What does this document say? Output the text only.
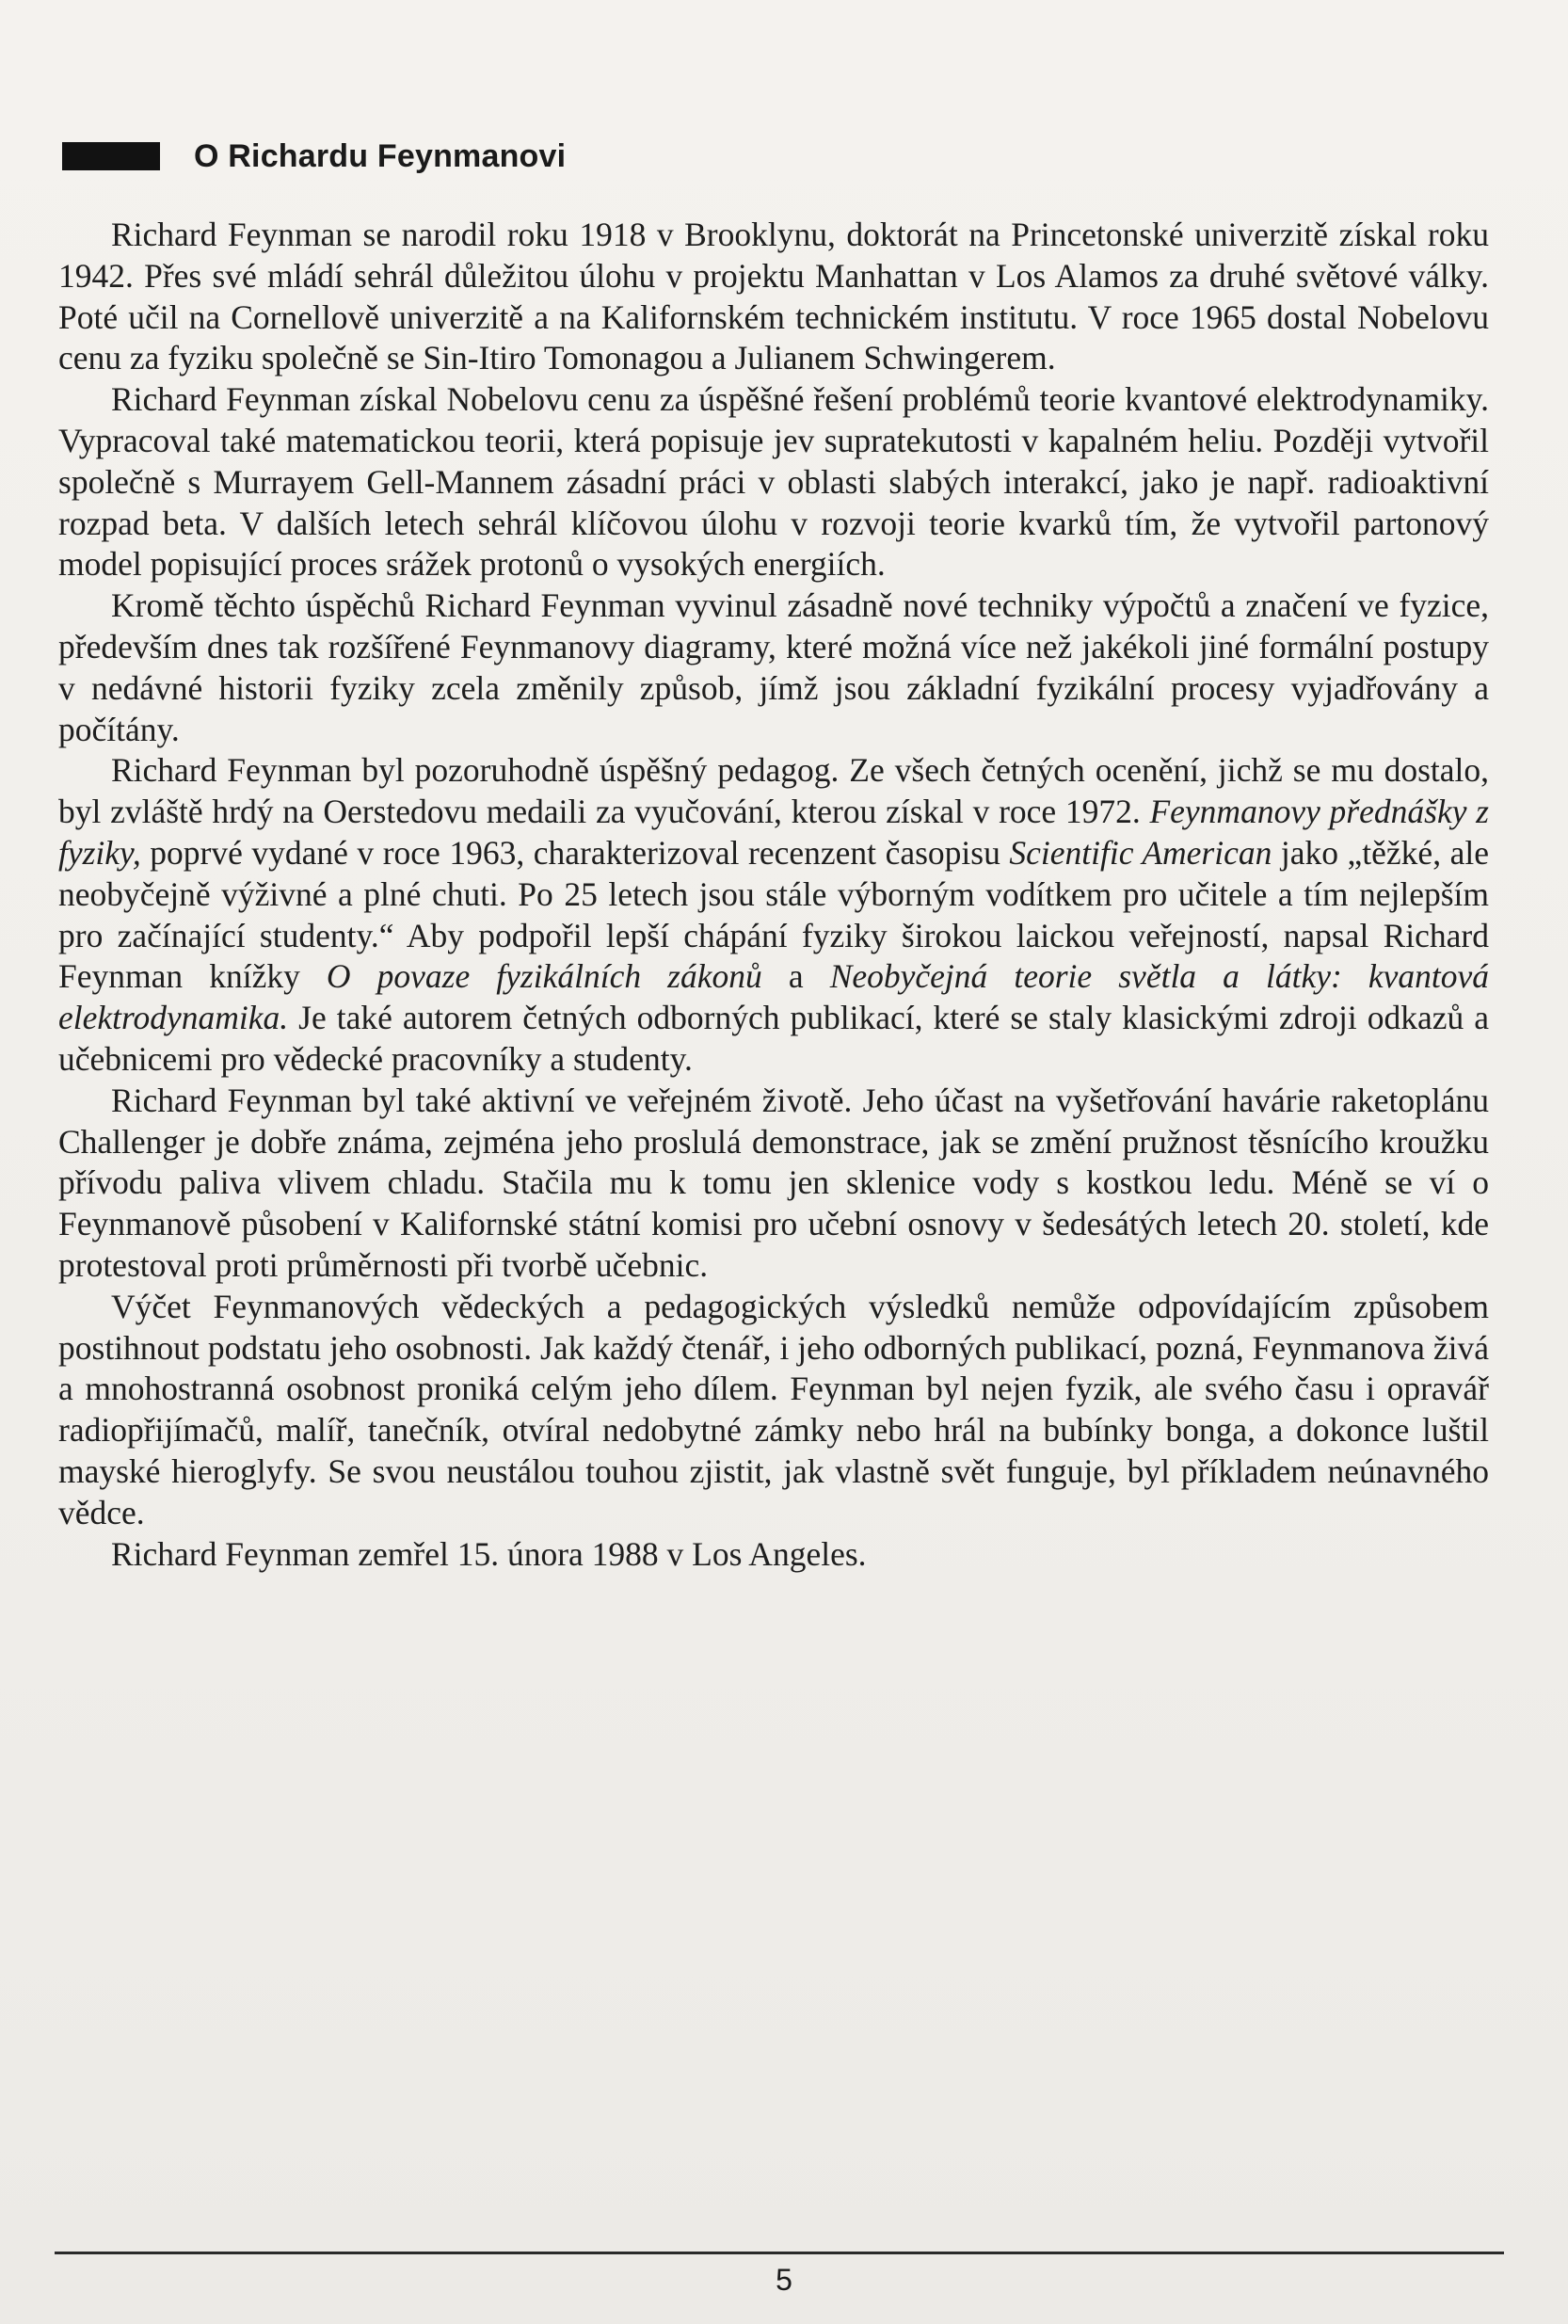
O Richardu Feynmanovi

Richard Feynman se narodil roku 1918 v Brooklynu, doktorát na Princetonské univerzitě získal roku 1942. Přes své mládí sehrál důležitou úlohu v projektu Manhattan v Los Alamos za druhé světové války. Poté učil na Cornellově univerzitě a na Kalifornském technickém institutu. V roce 1965 dostal Nobelovu cenu za fyziku společně se Sin-Itiro Tomonagou a Julianem Schwingerem.

Richard Feynman získal Nobelovu cenu za úspěšné řešení problémů teorie kvantové elektrodynamiky. Vypracoval také matematickou teorii, která popisuje jev supratekutosti v kapalném heliu. Později vytvořil společně s Murrayem Gell-Mannem zásadní práci v oblasti slabých interakcí, jako je např. radioaktivní rozpad beta. V dalších letech sehrál klíčovou úlohu v rozvoji teorie kvarků tím, že vytvořil partonový model popisující proces srážek protonů o vysokých energiích.

Kromě těchto úspěchů Richard Feynman vyvinul zásadně nové techniky výpočtů a značení ve fyzice, především dnes tak rozšířené Feynmanovy diagramy, které možná více než jakékoli jiné formální postupy v nedávné historii fyziky zcela změnily způsob, jímž jsou základní fyzikální procesy vyjadřovány a počítány.

Richard Feynman byl pozoruhodně úspěšný pedagog. Ze všech četných ocenění, jichž se mu dostalo, byl zvláště hrdý na Oerstedovu medaili za vyučování, kterou získal v roce 1972. Feynmanovy přednášky z fyziky, poprvé vydané v roce 1963, charakterizoval recenzent časopisu Scientific American jako „těžké, ale neobyčejně výživné a plné chuti. Po 25 letech jsou stále výborným vodítkem pro učitele a tím nejlepším pro začínající studenty.“ Aby podpořil lepší chápání fyziky širokou laickou veřejností, napsal Richard Feynman knížky O povaze fyzikálních zákonů a Neobyčejná teorie světla a látky: kvantová elektrodynamika. Je také autorem četných odborných publikací, které se staly klasickými zdroji odkazů a učebnicemi pro vědecké pracovníky a studenty.

Richard Feynman byl také aktivní ve veřejném životě. Jeho účast na vyšetřování havárie raketoplánu Challenger je dobře známa, zejména jeho proslulá demonstrace, jak se změní pružnost těsnícího kroužku přívodu paliva vlivem chladu. Stačila mu k tomu jen sklenice vody s kostkou ledu. Méně se ví o Feynmanově působení v Kalifornské státní komisi pro učební osnovy v šedesátých letech 20. století, kde protestoval proti průměrnosti při tvorbě učebnic.

Výčet Feynmanových vědeckých a pedagogických výsledků nemůže odpovídajícím způsobem postihnout podstatu jeho osobnosti. Jak každý čtenář, i jeho odborných publikací, pozná, Feynmanova živá a mnohostranná osobnost proniká celým jeho dílem. Feynman byl nejen fyzik, ale svého času i opravář radiopřijímačů, malíř, tanečník, otvíral nedobytné zámky nebo hrál na bubínky bonga, a dokonce luštil mayské hieroglyfy. Se svou neustálou touhou zjistit, jak vlastně svět funguje, byl příkladem neúnavného vědce.

Richard Feynman zemřel 15. února 1988 v Los Angeles.

5
